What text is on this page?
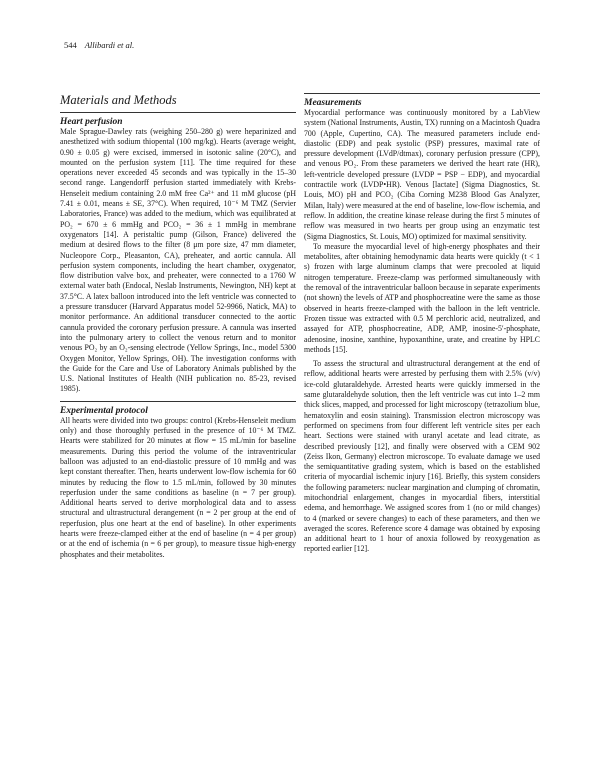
544 Allibardi et al.
Materials and Methods
Heart perfusion

Male Sprague-Dawley rats (weighing 250–280 g) were heparinized and anesthetized with sodium thiopental (100 mg/kg). Hearts (average weight, 0.90 ± 0.05 g) were excised, immersed in isotonic saline (20°C), and mounted on the perfusion system [11]. The time required for these operations never exceeded 45 seconds and was typically in the 15–30 second range. Langendorff perfusion started immediately with Krebs-Henseleit medium containing 2.0 mM free Ca²⁺ and 11 mM glucose (pH 7.41 ± 0.01, means ± SE, 37°C). When required, 10⁻⁶ M TMZ (Servier Laboratories, France) was added to the medium, which was equilibrated at PO₂ = 670 ± 6 mmHg and PCO₂ = 36 ± 1 mmHg in membrane oxygenators [14]. A peristaltic pump (Gilson, France) delivered the medium at desired flows to the filter (8 μm pore size, 47 mm diameter, Nucleopore Corp., Pleasanton, CA), preheater, and aortic cannula. All perfusion system components, including the heart chamber, oxygenator, flow distribution valve box, and preheater, were connected to a 1760 W external water bath (Endocal, Neslab Instruments, Newington, NH) kept at 37.5°C. A latex balloon introduced into the left ventricle was connected to a pressure transducer (Harvard Apparatus model 52-9966, Natick, MA) to monitor performance. An additional transducer connected to the aortic cannula provided the coronary perfusion pressure. A cannula was inserted into the pulmonary artery to collect the venous return and to monitor venous PO₂ by an O₂-sensing electrode (Yellow Springs, Inc., model 5300 Oxygen Monitor, Yellow Springs, OH). The investigation conforms with the Guide for the Care and Use of Laboratory Animals published by the U.S. National Institutes of Health (NIH publication no. 85-23, revised 1985).

Experimental protocol

All hearts were divided into two groups: control (Krebs-Henseleit medium only) and those thoroughly perfused in the presence of 10⁻⁶ M TMZ. Hearts were stabilized for 20 minutes at flow = 15 mL/min for baseline measurements. During this period the volume of the intraventricular balloon was adjusted to an end-diastolic pressure of 10 mmHg and was kept constant thereafter. Then, hearts underwent low-flow ischemia for 60 minutes by reducing the flow to 1.5 mL/min, followed by 30 minutes reperfusion under the same conditions as baseline (n = 7 per group). Additional hearts served to derive morphological data and to assess structural and ultrastructural derangement (n = 2 per group at the end of reperfusion, plus one heart at the end of baseline). In other experiments hearts were freeze-clamped either at the end of baseline (n = 4 per group) or at the end of ischemia (n = 6 per group), to measure tissue high-energy phosphates and their metabolites.

Measurements

Myocardial performance was continuously monitored by a LabView system (National Instruments, Austin, TX) running on a Macintosh Quadra 700 (Apple, Cupertino, CA). The measured parameters include end-diastolic (EDP) and peak systolic (PSP) pressures, maximal rate of pressure development (LVdP/dtmax), coronary perfusion pressure (CPP), and venous PO₂. From these parameters we derived the heart rate (HR), left-ventricle developed pressure (LVDP = PSP − EDP), and myocardial contractile work (LVDP•HR). Venous [lactate] (Sigma Diagnostics, St. Louis, MO) pH and PCO₂ (Ciba Corning M238 Blood Gas Analyzer, Milan, Italy) were measured at the end of baseline, low-flow ischemia, and reflow. In addition, the creatine kinase release during the first 5 minutes of reflow was measured in two hearts per group using an enzymatic test (Sigma Diagnostics, St. Louis, MO) optimized for maximal sensitivity.

To measure the myocardial level of high-energy phosphates and their metabolites, after obtaining hemodynamic data hearts were quickly (t < 1 s) frozen with large aluminum clamps that were precooled at liquid nitrogen temperature. Freeze-clamp was performed simultaneously with the removal of the intraventricular balloon because in separate experiments (not shown) the levels of ATP and phosphocreatine were the same as those observed in hearts freeze-clamped with the balloon in the left ventricle. Frozen tissue was extracted with 0.5 M perchloric acid, neutralized, and assayed for ATP, phosphocreatine, ADP, AMP, inosine-5′-phosphate, adenosine, inosine, xanthine, hypoxanthine, urate, and creatine by HPLC methods [15].

To assess the structural and ultrastructural derangement at the end of reflow, additional hearts were arrested by perfusing them with 2.5% (v/v) ice-cold glutaraldehyde. Arrested hearts were quickly immersed in the same glutaraldehyde solution, then the left ventricle was cut into 1–2 mm thick slices, mapped, and processed for light microscopy (tetrazolium blue, hematoxylin and eosin staining). Transmission electron microscopy was performed on specimens from four different left ventricle sites per each heart. Sections were stained with uranyl acetate and lead citrate, as described previously [12], and finally were observed with a CEM 902 (Zeiss Ikon, Germany) electron microscope. To evaluate damage we used the semiquantitative grading system, which is based on the established criteria of myocardial ischemic injury [16]. Briefly, this system considers the following parameters: nuclear margination and clumping of chromatin, mitochondrial enlargement, changes in myocardial fibers, interstitial edema, and hemorrhage. We assigned scores from 1 (no or mild changes) to 4 (marked or severe changes) to each of these parameters, and then we averaged the scores. Reference score 4 damage was obtained by exposing an additional heart to 1 hour of anoxia followed by reoxygenation as reported earlier [12].
